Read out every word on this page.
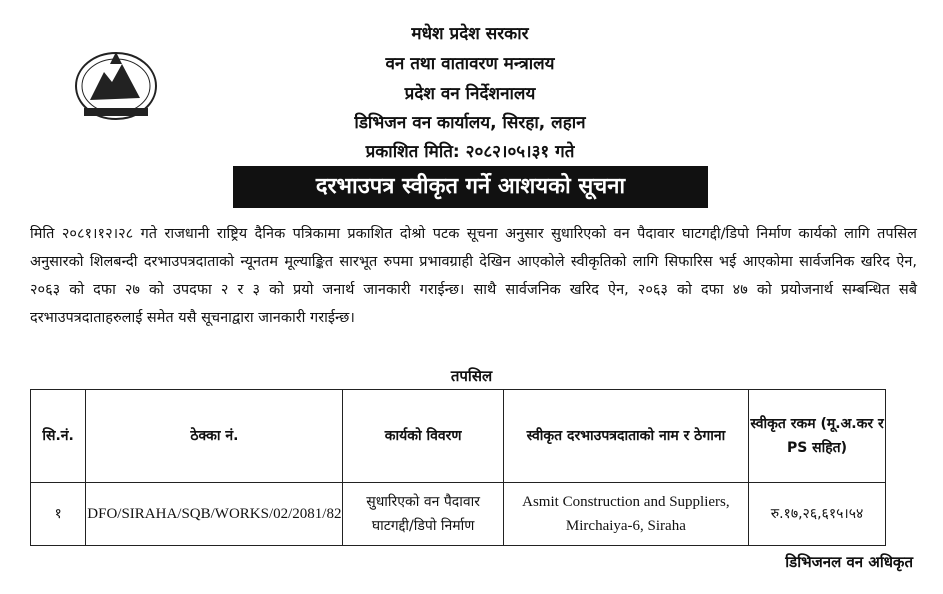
मधेश प्रदेश सरकार
वन तथा वातावरण मन्त्रालय
प्रदेश वन निर्देशनालय
डिभिजन वन कार्यालय, सिरहा, लहान
प्रकाशित मिति: २०८२।०५।३१ गते
दरभाउपत्र स्वीकृत गर्ने आशयको सूचना
मिति २०८१।१२।२८ गते राजधानी राष्ट्रिय दैनिक पत्रिकामा प्रकाशित दोश्रो पटक सूचना अनुसार सुधारिएको वन पैदावार घाटगद्दी/डिपो निर्माण कार्यको लागि तपसिल अनुसारको शिलबन्दी दरभाउपत्रदाताको न्यूनतम मूल्याङ्कित सारभूत रुपमा प्रभावग्राही देखिन आएकोले स्वीकृतिको लागि सिफारिस भई आएकोमा सार्वजनिक खरिद ऐन, २०६३ को दफा २७ को उपदफा २ र ३ को प्रयो जनार्थ जानकारी गराईन्छ। साथै सार्वजनिक खरिद ऐन, २०६३ को दफा ४७ को प्रयोजनार्थ सम्बन्धित सबै दरभाउपत्रदाताहरुलाई समेत यसै सूचनाद्वारा जानकारी गराईन्छ।
तपसिल
सि.नं.	ठेक्का नं.	कार्यको विवरण	स्वीकृत दरभाउपत्रदाताको नाम र ठेगाना	स्वीकृत रकम (मू.अ.कर र PS सहित)
१	DFO/SIRAHA/SQB/WORKS/02/2081/82	सुधारिएको वन पैदावार घाटगद्दी/डिपो निर्माण	Asmit Construction and Suppliers, Mirchaiya-6, Siraha	रु.१७,२६,६१५।५४
डिभिजनल वन अधिकृत
